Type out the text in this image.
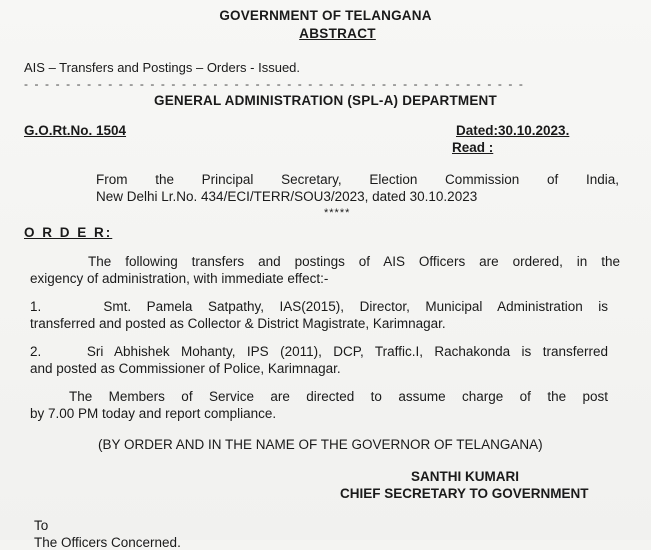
GOVERNMENT OF TELANGANA
ABSTRACT
AIS – Transfers and Postings – Orders - Issued.
- - - - - - - - - - - - - - - - - - - - - - - - - - - - - - - - - - - - - - - - - - - - - - - -
GENERAL ADMINISTRATION (SPL-A) DEPARTMENT
G.O.Rt.No. 1504	Dated:30.10.2023.
Read :
From the Principal Secretary, Election Commission of India,
New Delhi Lr.No. 434/ECI/TERR/SOU3/2023, dated 30.10.2023
*****
O R D E R:
The following transfers and postings of AIS Officers are ordered, in the
exigency of administration, with immediate effect:-
1.    Smt. Pamela Satpathy, IAS(2015), Director, Municipal Administration is
transferred and posted as Collector & District Magistrate, Karimnagar.
2.    Sri Abhishek Mohanty, IPS (2011), DCP, Traffic.I, Rachakonda is transferred
and posted as Commissioner of Police, Karimnagar.
The Members of Service are directed to assume charge of the post
by 7.00 PM today and report compliance.
(BY ORDER AND IN THE NAME OF THE GOVERNOR OF TELANGANA)
SANTHI KUMARI
CHIEF SECRETARY TO GOVERNMENT
To
The Officers Concerned.
